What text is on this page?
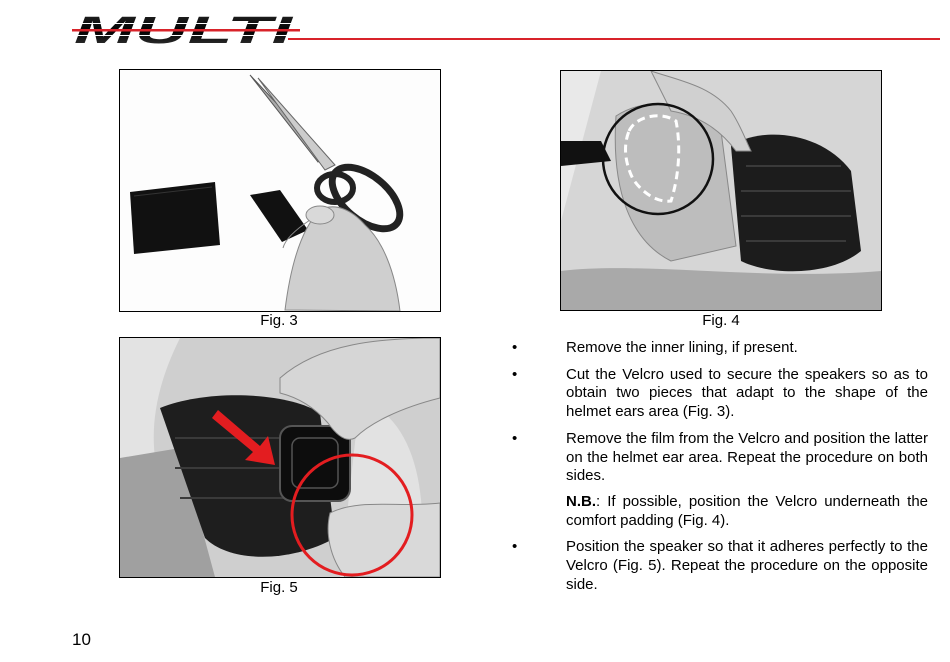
Fig. 3	Fig. 4
Fig. 5
•	Remove the inner lining, if present.
•	Cut the Velcro used to secure the speakers so as to obtain two pieces that adapt to the shape of the helmet ears area (Fig. 3).
•	Remove the film from the Velcro and position the latter on the helmet ear area. Repeat the procedure on both sides.
N.B.: If possible, position the Velcro underneath the comfort padding (Fig. 4).
•	Position the speaker so that it adheres perfectly to the Velcro (Fig. 5). Repeat the procedure on the opposite side.
10
